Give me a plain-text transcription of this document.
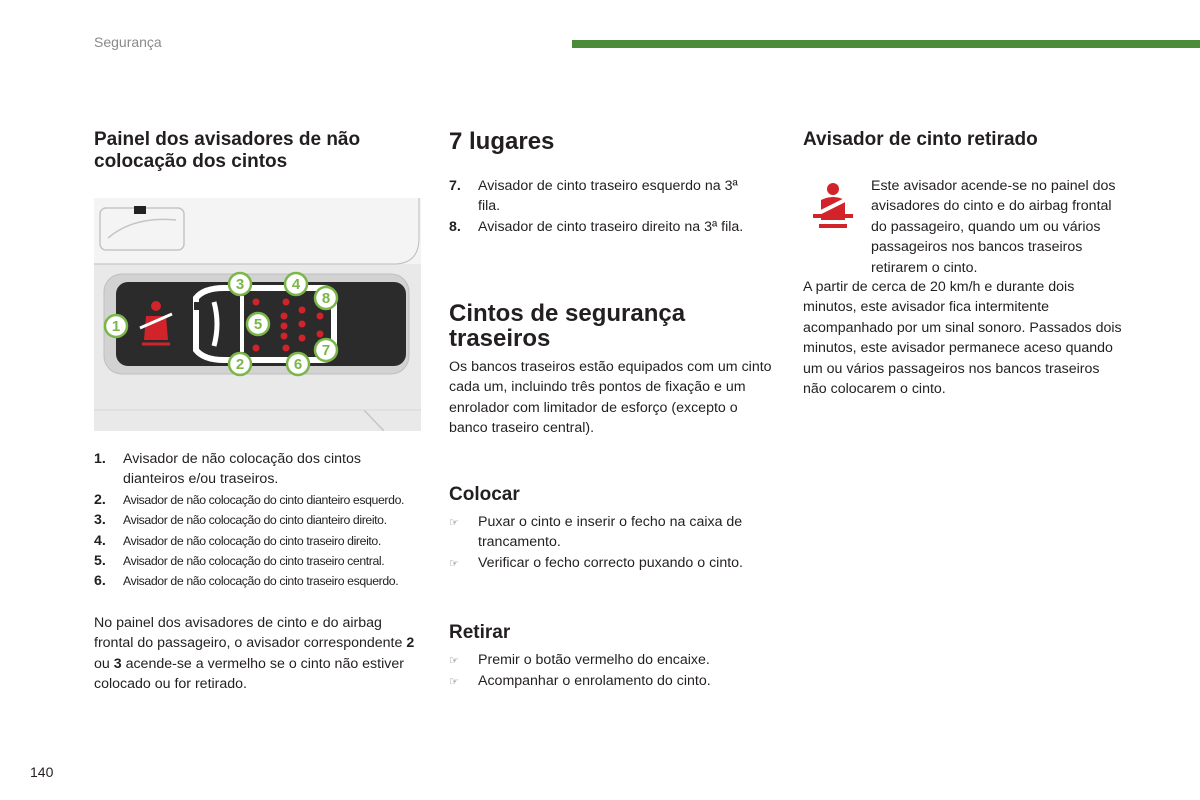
Segurança
Painel dos avisadores de não colocação dos cintos
1
2
3	4
5
6
7
8
1.	Avisador de não colocação dos cintos dianteiros e/ou traseiros.
2.	Avisador de não colocação do cinto dianteiro esquerdo.
3.	Avisador de não colocação do cinto dianteiro direito.
4.	Avisador de não colocação do cinto traseiro direito.
5.	Avisador de não colocação do cinto traseiro central.
6.	Avisador de não colocação do cinto traseiro esquerdo.

No painel dos avisadores de cinto e do airbag frontal do passageiro, o avisador correspondente 2 ou 3 acende-se a vermelho se o cinto não estiver colocado ou for retirado.

7 lugares
7.	Avisador de cinto traseiro esquerdo na 3ª fila.
8.	Avisador de cinto traseiro direito na 3ª fila.
Cintos de segurança traseiros

Os bancos traseiros estão equipados com um cinto cada um, incluindo três pontos de fixação e um enrolador com limitador de esforço (excepto o banco traseiro central).

Colocar
☞	Puxar o cinto e inserir o fecho na caixa de trancamento.
☞	Verificar o fecho correcto puxando o cinto.
Retirar
☞	Premir o botão vermelho do encaixe.
☞	Acompanhar o enrolamento do cinto.
Avisador de cinto retirado

Este avisador acende-se no painel dos avisadores do cinto e do airbag frontal do passageiro, quando um ou vários passageiros nos bancos traseiros retirarem o cinto.

A partir de cerca de 20 km/h e durante dois minutos, este avisador fica intermitente acompanhado por um sinal sonoro. Passados dois minutos, este avisador permanece aceso quando um ou vários passageiros nos bancos traseiros não colocarem o cinto.

140
